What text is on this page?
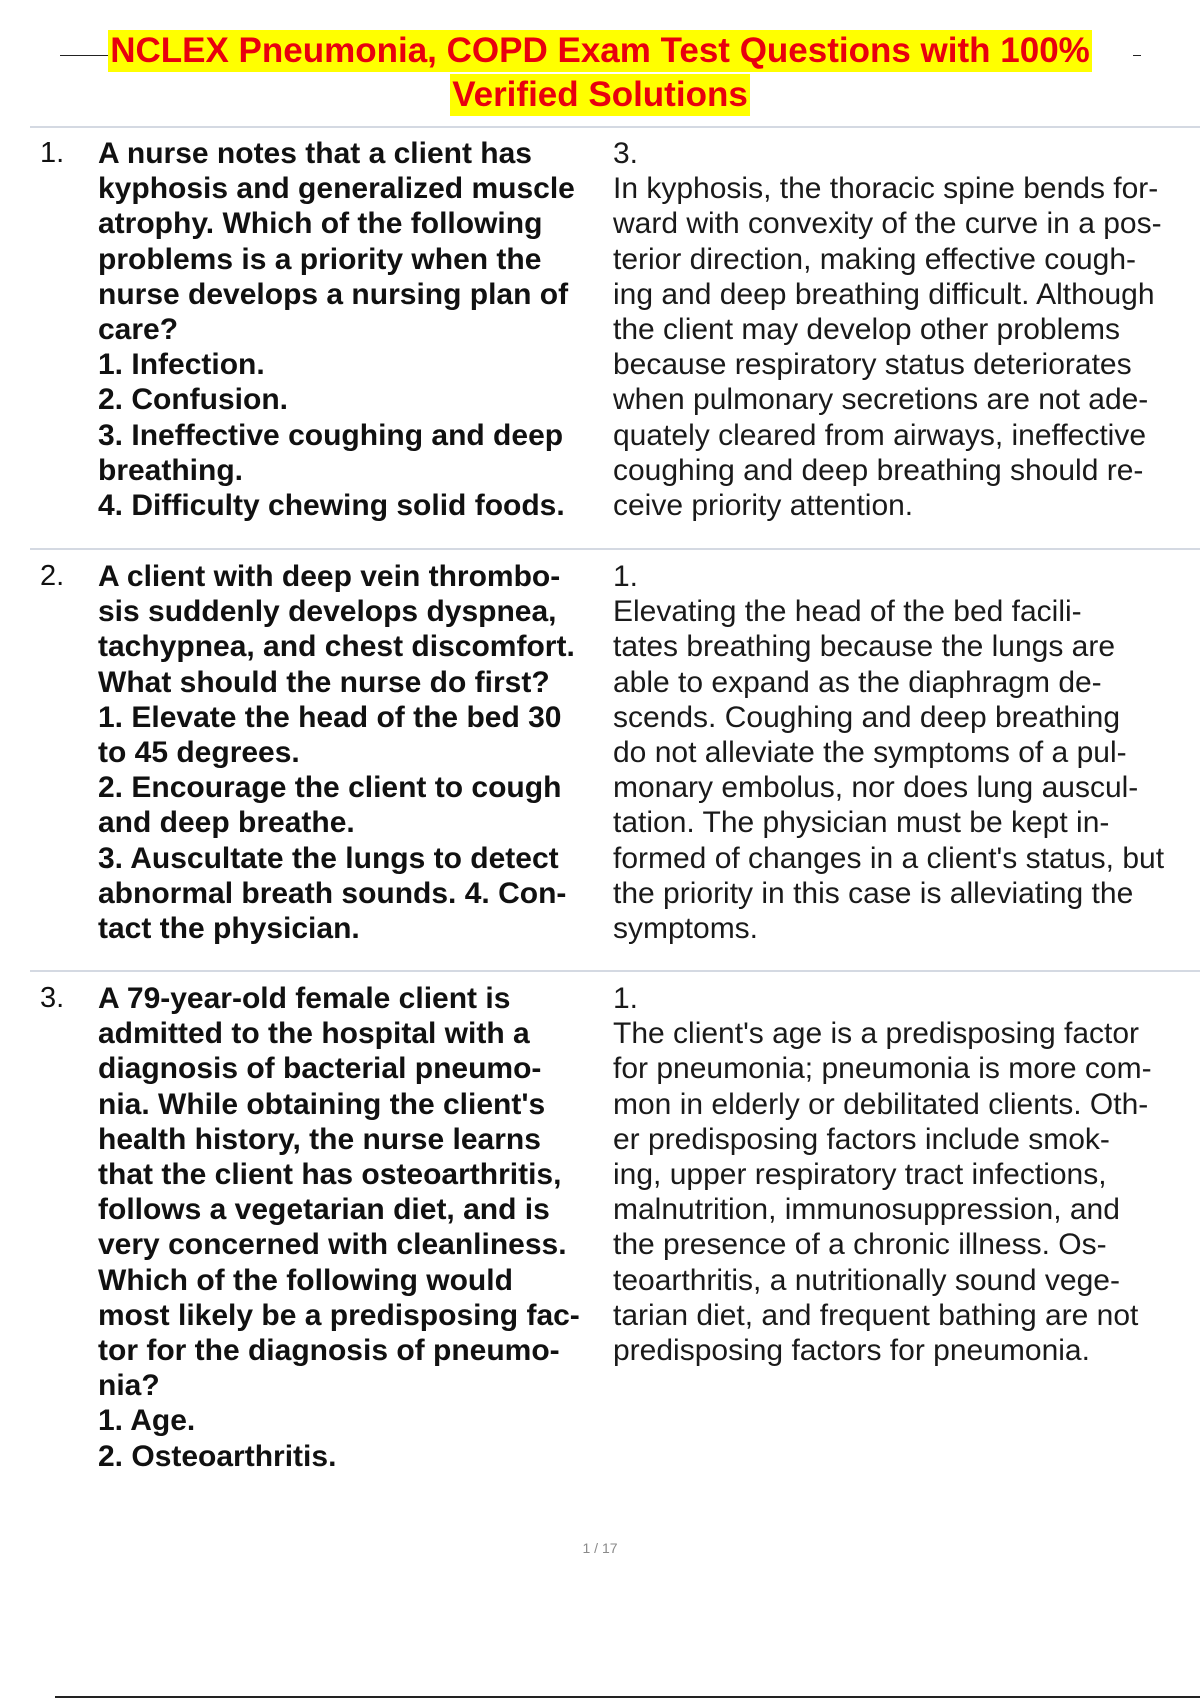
NCLEX Pneumonia, COPD Exam Test Questions with 100%
Verified Solutions
1. A nurse notes that a client has
kyphosis and generalized muscle
atrophy. Which of the following
problems is a priority when the
nurse develops a nursing plan of
care?
1. Infection.
2. Confusion.
3. Ineffective coughing and deep
breathing.
4. Difficulty chewing solid foods.
3.
In kyphosis, the thoracic spine bends for-
ward with convexity of the curve in a pos-
terior direction, making effective cough-
ing and deep breathing difficult. Although
the client may develop other problems
because respiratory status deteriorates
when pulmonary secretions are not ade-
quately cleared from airways, ineffective
coughing and deep breathing should re-
ceive priority attention.
2. A client with deep vein thrombo-
sis suddenly develops dyspnea,
tachypnea, and chest discomfort.
What should the nurse do first?
1. Elevate the head of the bed 30
to 45 degrees.
2. Encourage the client to cough
and deep breathe.
3. Auscultate the lungs to detect
abnormal breath sounds. 4. Con-
tact the physician.
1.
Elevating the head of the bed facili-
tates breathing because the lungs are
able to expand as the diaphragm de-
scends. Coughing and deep breathing
do not alleviate the symptoms of a pul-
monary embolus, nor does lung auscul-
tation. The physician must be kept in-
formed of changes in a client's status, but
the priority in this case is alleviating the
symptoms.
3. A 79-year-old female client is
admitted to the hospital with a
diagnosis of bacterial pneumo-
nia. While obtaining the client's
health history, the nurse learns
that the client has osteoarthritis,
follows a vegetarian diet, and is
very concerned with cleanliness.
Which of the following would
most likely be a predisposing fac-
tor for the diagnosis of pneumo-
nia?
1. Age.
2. Osteoarthritis.
1.
The client's age is a predisposing factor
for pneumonia; pneumonia is more com-
mon in elderly or debilitated clients. Oth-
er predisposing factors include smok-
ing, upper respiratory tract infections,
malnutrition, immunosuppression, and
the presence of a chronic illness. Os-
teoarthritis, a nutritionally sound vege-
tarian diet, and frequent bathing are not
predisposing factors for pneumonia.
1 / 17
